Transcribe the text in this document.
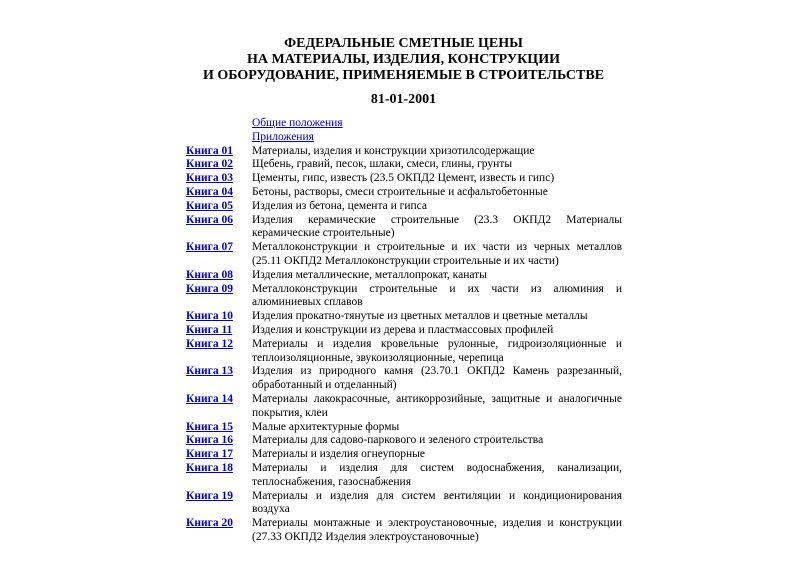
ФЕДЕРАЛЬНЫЕ СМЕТНЫЕ ЦЕНЫ
НА МАТЕРИАЛЫ, ИЗДЕЛИЯ, КОНСТРУКЦИИ
И ОБОРУДОВАНИЕ, ПРИМЕНЯЕМЫЕ В СТРОИТЕЛЬСТВЕ
81-01-2001
Общие положения
Приложения
Книга 01	Материалы, изделия и конструкции хризотилсодержащие
Книга 02	Щебень, гравий, песок, шлаки, смеси, глины, грунты
Книга 03	Цементы, гипс, известь (23.5 ОКПД2 Цемент, известь и гипс)
Книга 04	Бетоны, растворы, смеси строительные и асфальтобетонные
Книга 05	Изделия из бетона, цемента и гипса
Книга 06	Изделия керамические строительные (23.3 ОКПД2 Материалы керамические строительные)
Книга 07	Металлоконструкции и строительные и их части из черных металлов (25.11 ОКПД2 Металлоконструкции строительные и их части)
Книга 08	Изделия металлические, металлопрокат, канаты
Книга 09	Металлоконструкции строительные и их части из алюминия и алюминиевых сплавов
Книга 10	Изделия прокатно-тянутые из цветных металлов и цветные металлы
Книга 11	Изделия и конструкции из дерева и пластмассовых профилей
Книга 12	Материалы и изделия кровельные рулонные, гидроизоляционные и теплоизоляционные, звукоизоляционные, черепица
Книга 13	Изделия из природного камня (23.70.1 ОКПД2 Камень разрезанный, обработанный и отделанный)
Книга 14	Материалы лакокрасочные, антикоррозийные, защитные и аналогичные покрытия, клеи
Книга 15	Малые архитектурные формы
Книга 16	Материалы для садово-паркового и зеленого строительства
Книга 17	Материалы и изделия огнеупорные
Книга 18	Материалы и изделия для систем водоснабжения, канализации, теплоснабжения, газоснабжения
Книга 19	Материалы и изделия для систем вентиляции и кондиционирования воздуха
Книга 20	Материалы монтажные и электроустановочные, изделия и конструкции (27.33 ОКПД2 Изделия электроустановочные)
